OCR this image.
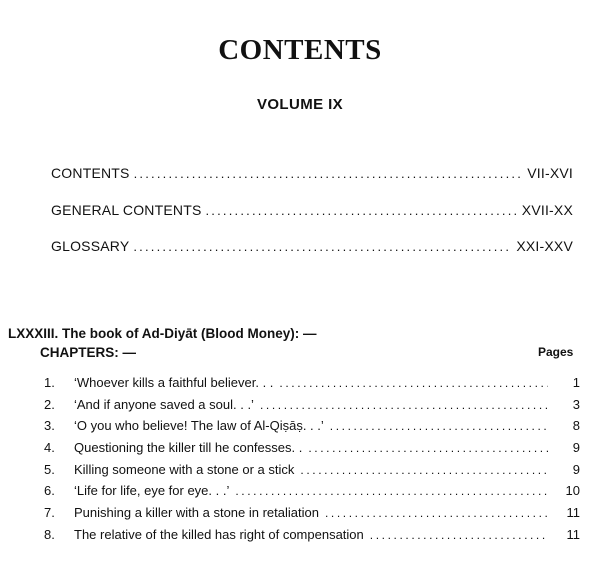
CONTENTS
VOLUME IX
CONTENTS .....	VII-XVI
GENERAL CONTENTS .....	XVII-XX
GLOSSARY .....	XXI-XXV
LXXXIII. The book of Ad-Diyāt (Blood Money): —
CHAPTERS: —	Pages
1.	‘Whoever kills a faithful believer. . . .....	1
2.	‘And if anyone saved a soul. . .’ .....	3
3.	‘O you who believe! The law of Al-Qiṣāṣ. . .’ .....	8
4.	Questioning the killer till he confesses. . .....	9
5.	Killing someone with a stone or a stick .....	9
6.	‘Life for life, eye for eye. . .’ .....	10
7.	Punishing a killer with a stone in retaliation .....	11
8.	The relative of the killed has right of compensation .....	11
